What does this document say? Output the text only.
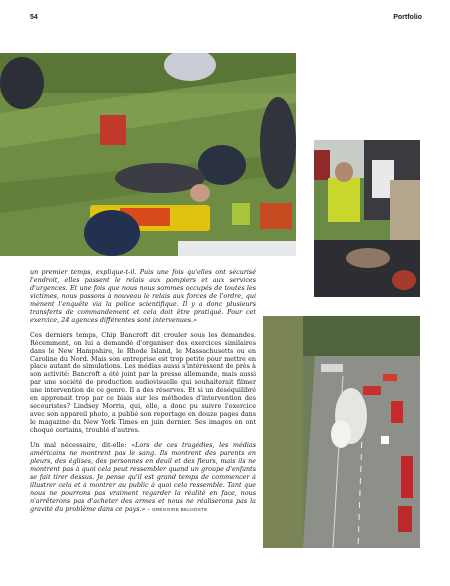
54	Portfolio

un premier temps, explique-t-il. Puis une fois qu'elles ont sécurisé l'endroit, elles passent le relais aux pompiers et aux services d'urgences. Et une fois que nous nous sommes occupés de toutes les victimes, nous passons à nouveau le relais aux forces de l'ordre, qui mènent l'enquête via la police scientifique. Il y a donc plusieurs transferts de commandement et cela doit être pratiqué. Pour cet exercice, 24 agences différentes sont intervenues.»

Ces derniers temps, Chip Bancroft dit crouler sous les demandes. Récemment, on lui a demandé d'organiser des exercices similaires dans le New Hampshire, le Rhode Island, le Massachusetts ou en Caroline du Nord. Mais son entreprise est trop petite pour mettre en place autant de simulations. Les médias aussi s'intéressent de près à son activité: Bancroft a été joint par la presse allemande, mais aussi par une société de production audiovisuelle qui souhaiterait filmer une intervention de ce genre. Il a des réserves. Et si un déséquilibré en apprenait trop par ce biais sur les méthodes d'intervention des secouristes? Lindsey Morris, qui, elle, a donc pu suivre l'exercice avec son appareil photo, a publié son reportage en douze pages dans le magazine du New York Times en juin dernier. Ses images en ont choqué certains, troublé d'autres.

Un mal nécessaire, dit-elle: «Lors de ces tragédies, les médias américains ne montrent pas le sang. Ils montrent des parents en pleurs, des églises, des personnes en deuil et des fleurs, mais ils ne montrent pas à quoi cela peut ressembler quand un groupe d'enfants se fait tirer dessus. Je pense qu'il est grand temps de commencer à illustrer cela et à montrer au public à quoi cela ressemble. Tant que nous ne pourrons pas vraiment regarder la réalité en face, nous n'arrêterons pas d'acheter des armes et nous ne réaliserons pas la gravité du problème dans ce pays.» – GRÉGOIRE BELHOSTE
